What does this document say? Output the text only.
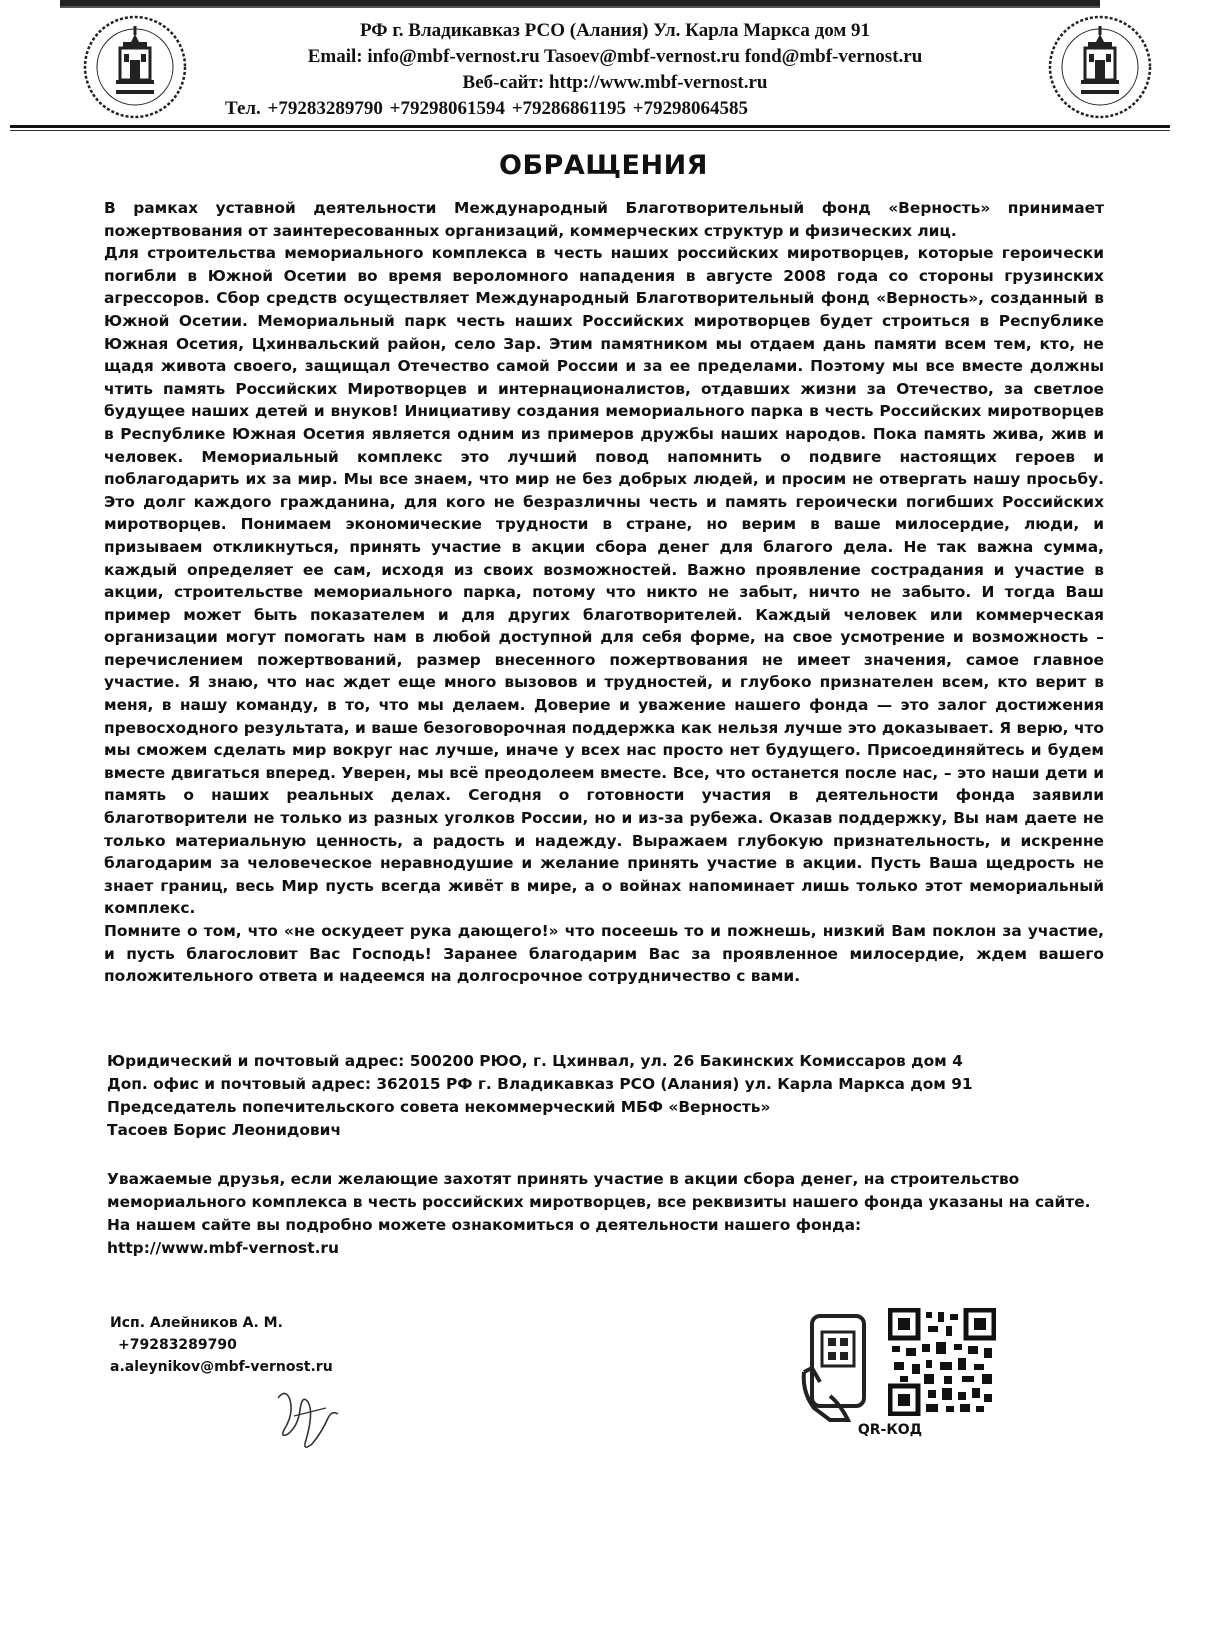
РФ г. Владикавказ РСО (Алания) Ул. Карла Маркса дом 91
Email: info@mbf-vernost.ru Tasoev@mbf-vernost.ru fond@mbf-vernost.ru
Веб-сайт: http://www.mbf-vernost.ru
Тел. +79283289790 +79298061594 +79286861195 +79298064585
ОБРАЩЕНИЯ

В рамках уставной деятельности Международный Благотворительный фонд «Верность» принимает пожертвования от заинтересованных организаций, коммерческих структур и физических лиц.

Для строительства мемориального комплекса в честь наших российских миротворцев, которые героически погибли в Южной Осетии во время вероломного нападения в августе 2008 года со стороны грузинских агрессоров. Сбор средств осуществляет Международный Благотворительный фонд «Верность», созданный в Южной Осетии. Мемориальный парк честь наших Российских миротворцев будет строиться в Республике Южная Осетия, Цхинвальский район, село Зар. Этим памятником мы отдаем дань памяти всем тем, кто, не щадя живота своего, защищал Отечество самой России и за ее пределами. Поэтому мы все вместе должны чтить память Российских Миротворцев и интернационалистов, отдавших жизни за Отечество, за светлое будущее наших детей и внуков! Инициативу создания мемориального парка в честь Российских миротворцев в Республике Южная Осетия является одним из примеров дружбы наших народов. Пока память жива, жив и человек. Мемориальный комплекс это лучший повод напомнить о подвиге настоящих героев и поблагодарить их за мир. Мы все знаем, что мир не без добрых людей, и просим не отвергать нашу просьбу. Это долг каждого гражданина, для кого не безразличны честь и память героически погибших Российских миротворцев. Понимаем экономические трудности в стране, но верим в ваше милосердие, люди, и призываем откликнуться, принять участие в акции сбора денег для благого дела. Не так важна сумма, каждый определяет ее сам, исходя из своих возможностей. Важно проявление сострадания и участие в акции, строительстве мемориального парка, потому что никто не забыт, ничто не забыто. И тогда Ваш пример может быть показателем и для других благотворителей. Каждый человек или коммерческая организации могут помогать нам в любой доступной для себя форме, на свое усмотрение и возможность – перечислением пожертвований, размер внесенного пожертвования не имеет значения, самое главное участие. Я знаю, что нас ждет еще много вызовов и трудностей, и глубоко признателен всем, кто верит в меня, в нашу команду, в то, что мы делаем. Доверие и уважение нашего фонда — это залог достижения превосходного результата, и ваше безоговорочная поддержка как нельзя лучше это доказывает. Я верю, что мы сможем сделать мир вокруг нас лучше, иначе у всех нас просто нет будущего. Присоединяйтесь и будем вместе двигаться вперед. Уверен, мы всё преодолеем вместе. Все, что останется после нас, – это наши дети и память о наших реальных делах. Сегодня о готовности участия в деятельности фонда заявили благотворители не только из разных уголков России, но и из-за рубежа. Оказав поддержку, Вы нам даете не только материальную ценность, а радость и надежду. Выражаем глубокую признательность, и искренне благодарим за человеческое неравнодушие и желание принять участие в акции. Пусть Ваша щедрость не знает границ, весь Мир пусть всегда живёт в мире, а о войнах напоминает лишь только этот мемориальный комплекс.

Помните о том, что «не оскудеет рука дающего!» что посеешь то и пожнешь, низкий Вам поклон за участие, и пусть благословит Вас Господь! Заранее благодарим Вас за проявленное милосердие, ждем вашего положительного ответа и надеемся на долгосрочное сотрудничество с вами.

Юридический и почтовый адрес: 500200 РЮО, г. Цхинвал, ул. 26 Бакинских Комиссаров дом 4
Доп. офис и почтовый адрес: 362015 РФ г. Владикавказ РСО (Алания) ул. Карла Маркса дом 91
Председатель попечительского совета некоммерческий МБФ «Верность»
Тасоев Борис Леонидович

Уважаемые друзья, если желающие захотят принять участие в акции сбора денег, на строительство мемориального комплекса в честь российских миротворцев, все реквизиты нашего фонда указаны на сайте.

На нашем сайте вы подробно можете ознакомиться о деятельности нашего фонда:

http://www.mbf-vernost.ru

Исп. Алейников А. М.
+79283289790
a.aleynikov@mbf-vernost.ru
QR-КОД
